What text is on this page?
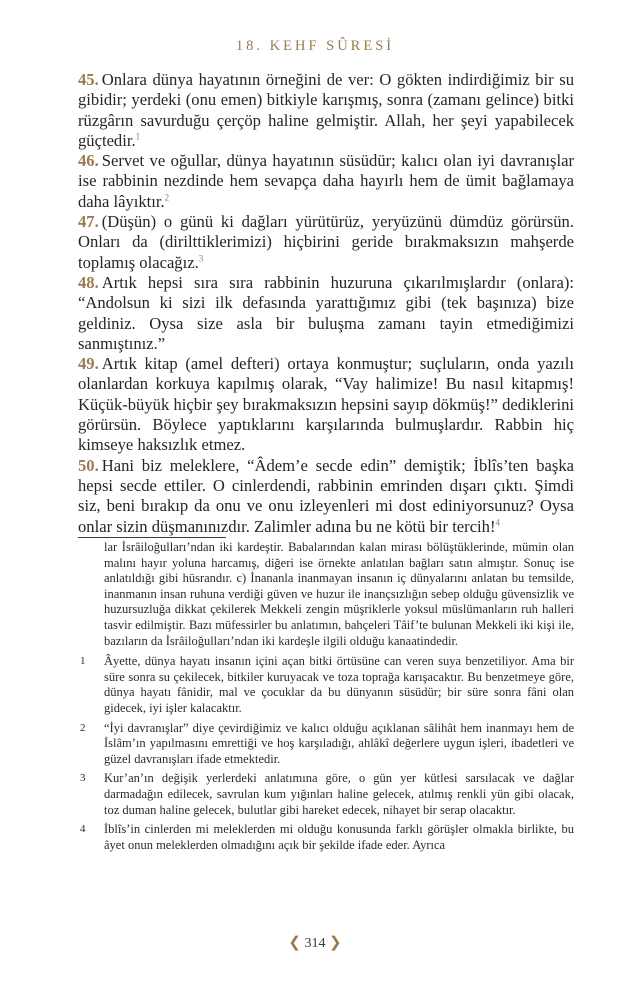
18. KEHF SÛRESİ

45. Onlara dünya hayatının örneğini de ver: O gökten indirdiğimiz bir su gibidir; yerdeki (onu emen) bitkiyle karışmış, sonra (zamanı gelince) bitki rüzgârın savurduğu çerçöp haline gelmiştir. Allah, her şeyi yapabilecek güçtedir.$^1$

46. Servet ve oğullar, dünya hayatının süsüdür; kalıcı olan iyi davranışlar ise rabbinin nezdinde hem sevapça daha hayırlı hem de ümit bağlamaya daha lâyıktır.$^2$

47. (Düşün) o günü ki dağları yürütürüz, yeryüzünü dümdüz görürsün. Onları da (dirilttiklerimizi) hiçbirini geride bırakmaksızın mahşerde toplamış olacağız.$^3$

48. Artık hepsi sıra sıra rabbinin huzuruna çıkarılmışlardır (onlara): “Andolsun ki sizi ilk defasında yarattığımız gibi (tek başınıza) bize geldiniz. Oysa size asla bir buluşma zamanı tayin etmediğimizi sanmıştınız.”

49. Artık kitap (amel defteri) ortaya konmuştur; suçluların, onda yazılı olanlardan korkuya kapılmış olarak, “Vay halimize! Bu nasıl kitapmış! Küçük-büyük hiçbir şey bırakmaksızın hepsini sayıp dökmüş!” dediklerini görürsün. Böylece yaptıklarını karşılarında bulmuşlardır. Rabbin hiç kimseye haksızlık etmez.

50. Hani biz meleklere, “Âdem’e secde edin” demiştik; İblîs’ten başka hepsi secde ettiler. O cinlerdendi, rabbinin emrinden dışarı çıktı. Şimdi siz, beni bırakıp da onu ve onu izleyenleri mi dost ediniyorsunuz? Oysa onlar sizin düşmanınızdır. Zalimler adına bu ne kötü bir tercih!$^4$

lar İsrâiloğulları’ndan iki kardeştir. Babalarından kalan mirası bölüştüklerinde, mümin olan malını hayır yoluna harcamış, diğeri ise örnekte anlatılan bağları satın almıştır. Sonuç ise anlatıldığı gibi hüsrandır. c) İnananla inanmayan insanın iç dünyalarını anlatan bu temsilde, inanmanın insan ruhuna verdiği güven ve huzur ile inançsızlığın sebep olduğu güvensizlik ve huzursuzluğa dikkat çekilerek Mekkeli zengin müşriklerle yoksul müslümanların ruh halleri tasvir edilmiştir. Bazı müfessirler bu anlatımın, bahçeleri Tâif’te bulunan Mekkeli iki kişi ile, bazıların da İsrâiloğulları’ndan iki kardeşle ilgili olduğu kanaatindedir.

1 Âyette, dünya hayatı insanın içini açan bitki örtüsüne can veren suya benzetiliyor. Ama bir süre sonra su çekilecek, bitkiler kuruyacak ve toza toprağa karışacaktır. Bu benzetmeye göre, dünya hayatı fânidir, mal ve çocuklar da bu dünyanın süsüdür; bir süre sonra fâni olan gidecek, iyi işler kalacaktır.

2 “İyi davranışlar” diye çevirdiğimiz ve kalıcı olduğu açıklanan sâlihât hem inanmayı hem de İslâm’ın yapılmasını emrettiği ve hoş karşıladığı, ahlâkî değerlere uygun işleri, ibadetleri ve güzel davranışları ifade etmektedir.

3 Kur’an’ın değişik yerlerdeki anlatımına göre, o gün yer kütlesi sarsılacak ve dağlar darmadağın edilecek, savrulan kum yığınları haline gelecek, atılmış renkli yün gibi olacak, toz duman haline gelecek, bulutlar gibi hareket edecek, nihayet bir serap olacaktır.

4 İblîs’in cinlerden mi meleklerden mi olduğu konusunda farklı görüşler olmakla birlikte, bu âyet onun meleklerden olmadığını açık bir şekilde ifade eder. Ayrıca

❮ 314 ❯
